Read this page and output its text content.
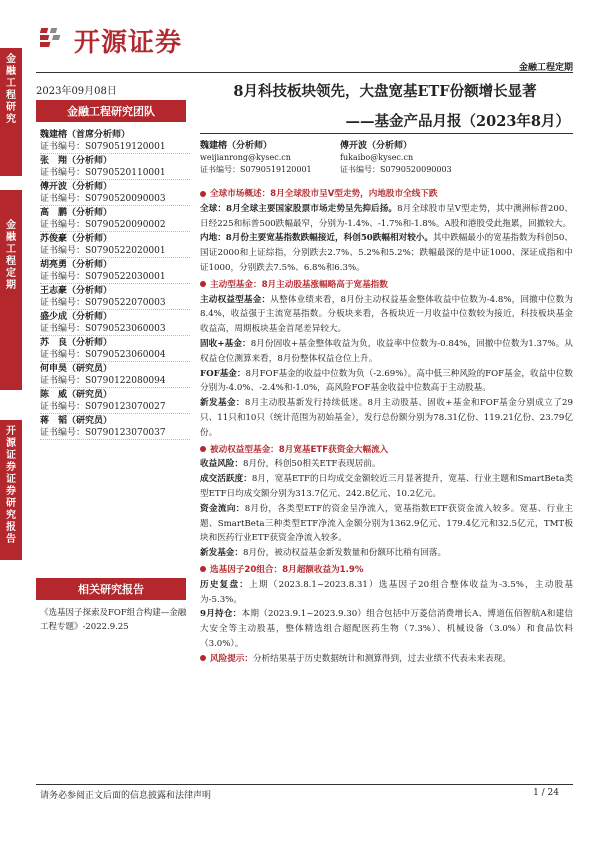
金
融
工
程
研
究
金
融
工
程
定
期
开
源
证
券
证
券
研
究
报
告
开源证券
金融工程定期
2023年09月08日
金融工程研究团队
魏建榕（首席分析师）
证书编号：S0790519120001
张　翔（分析师）
证书编号：S0790520110001
傅开波（分析师）
证书编号：S0790520090003
高　鹏（分析师）
证书编号：S0790520090002
苏俊豪（分析师）
证书编号：S0790522020001
胡亮勇（分析师）
证书编号：S0790522030001
王志豪（分析师）
证书编号：S0790522070003
盛少成（分析师）
证书编号：S0790523060003
苏　良（分析师）
证书编号：S0790523060004
何申昊（研究员）
证书编号：S0790122080094
陈　威（研究员）
证书编号：S0790123070027
蒋　韬（研究员）
证书编号：S0790123070037
相关研究报告
《选基因子探索及FOF组合构建—金融工程专题》-2022.9.25
8月科技板块领先，大盘宽基ETF份额增长显著
——基金产品月报（2023年8月）
魏建榕（分析师）
weijianrong@kysec.cn
证书编号：S0790519120001
傅开波（分析师）
fukaibo@kysec.cn
证书编号：S0790520090003

全球市场概述：8月全球股市呈V型走势，内地股市全线下跌

全球：8月全球主要国家股票市场走势呈先抑后扬。8月全球股市呈V型走势，其中澳洲标普200、日经225和标普500跌幅最窄，分别为-1.4%、-1.7%和-1.8%。A股和港股受此拖累，回撤较大。

内地：8月份主要宽基指数跌幅接近，科创50跌幅相对较小。其中跌幅最小的宽基指数为科创50、国证2000和上证综指，分别跌去2.7%、5.2%和5.2%；跌幅最深的是中证1000、深证成指和中证1000，分别跌去7.5%、6.8%和6.3%。

主动型基金：8月主动股基涨幅略高于宽基指数

主动权益型基金：从整体业绩来看，8月份主动权益基金整体收益中位数为-4.8%，回撤中位数为8.4%，收益强于主流宽基指数。分板块来看，各板块近一月收益中位数较为接近，科技板块基金收益高，周期板块基金首尾差异较大。

固收+基金：8月份固收+基金整体收益为负，收益率中位数为-0.84%，回撤中位数为1.37%。从权益仓位测算来看，8月份整体权益仓位上升。

FOF基金：8月FOF基金的收益中位数为负（-2.69%）。高中低三种风险的FOF基金，收益中位数分别为-4.0%、-2.4%和-1.0%，高风险FOF基金收益中位数高于主动股基。

新发基金：8月主动股基新发行持续低迷。8月主动股基、固收+基金和FOF基金分别成立了29只、11只和10只（统计范围为初始基金），发行总份额分别为78.31亿份、119.21亿份、23.79亿份。

被动权益型基金：8月宽基ETF获资金大幅流入

收益风险：8月份，科创50相关ETF表现居前。

成交活跃度：8月，宽基ETF的日均成交金额较近三月显著提升，宽基、行业主题和SmartBeta类型ETF日均成交额分别为313.7亿元、242.8亿元、10.2亿元。

资金流向：8月份，各类型ETF的资金呈净流入，宽基指数ETF获资金流入较多。宽基、行业主题、SmartBeta三种类型ETF净流入金额分别为1362.9亿元、179.4亿元和32.5亿元，TMT板块和医药行业ETF获资金净流入较多。

新发基金：8月份，被动权益基金新发数量和份额环比稍有回落。

选基因子20组合：8月超额收益为1.9%

历史复盘：上期（2023.8.1~2023.8.31）选基因子20组合整体收益为-3.5%，主动股基为-5.3%。

9月持仓：本期（2023.9.1~2023.9.30）组合包括中万菱信消费增长A、博道伍佰智航A和建信大安全等主动股基，整体精选组合超配医药生物（7.3%）、机械设备（3.0%）和食品饮料（3.0%）。

风险提示：分析结果基于历史数据统计和测算得到，过去业绩不代表未来表现。

请务必参阅正文后面的信息披露和法律声明	1 / 24
